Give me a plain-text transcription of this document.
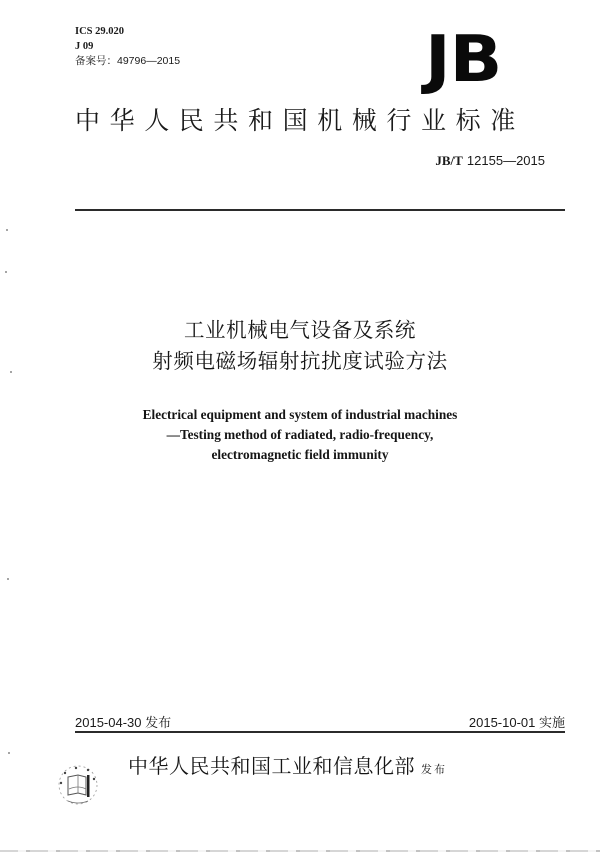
ICS 29.020
J 09
备案号：49796—2015	JB
中华人民共和国机械行业标准
JB/T 12155—2015
工业机械电气设备及系统
射频电磁场辐射抗扰度试验方法
Electrical equipment and system of industrial machines
—Testing method of radiated, radio-frequency,
electromagnetic field immunity
2015-04-30 发布	2015-10-01 实施
中华人民共和国工业和信息化部 发布
